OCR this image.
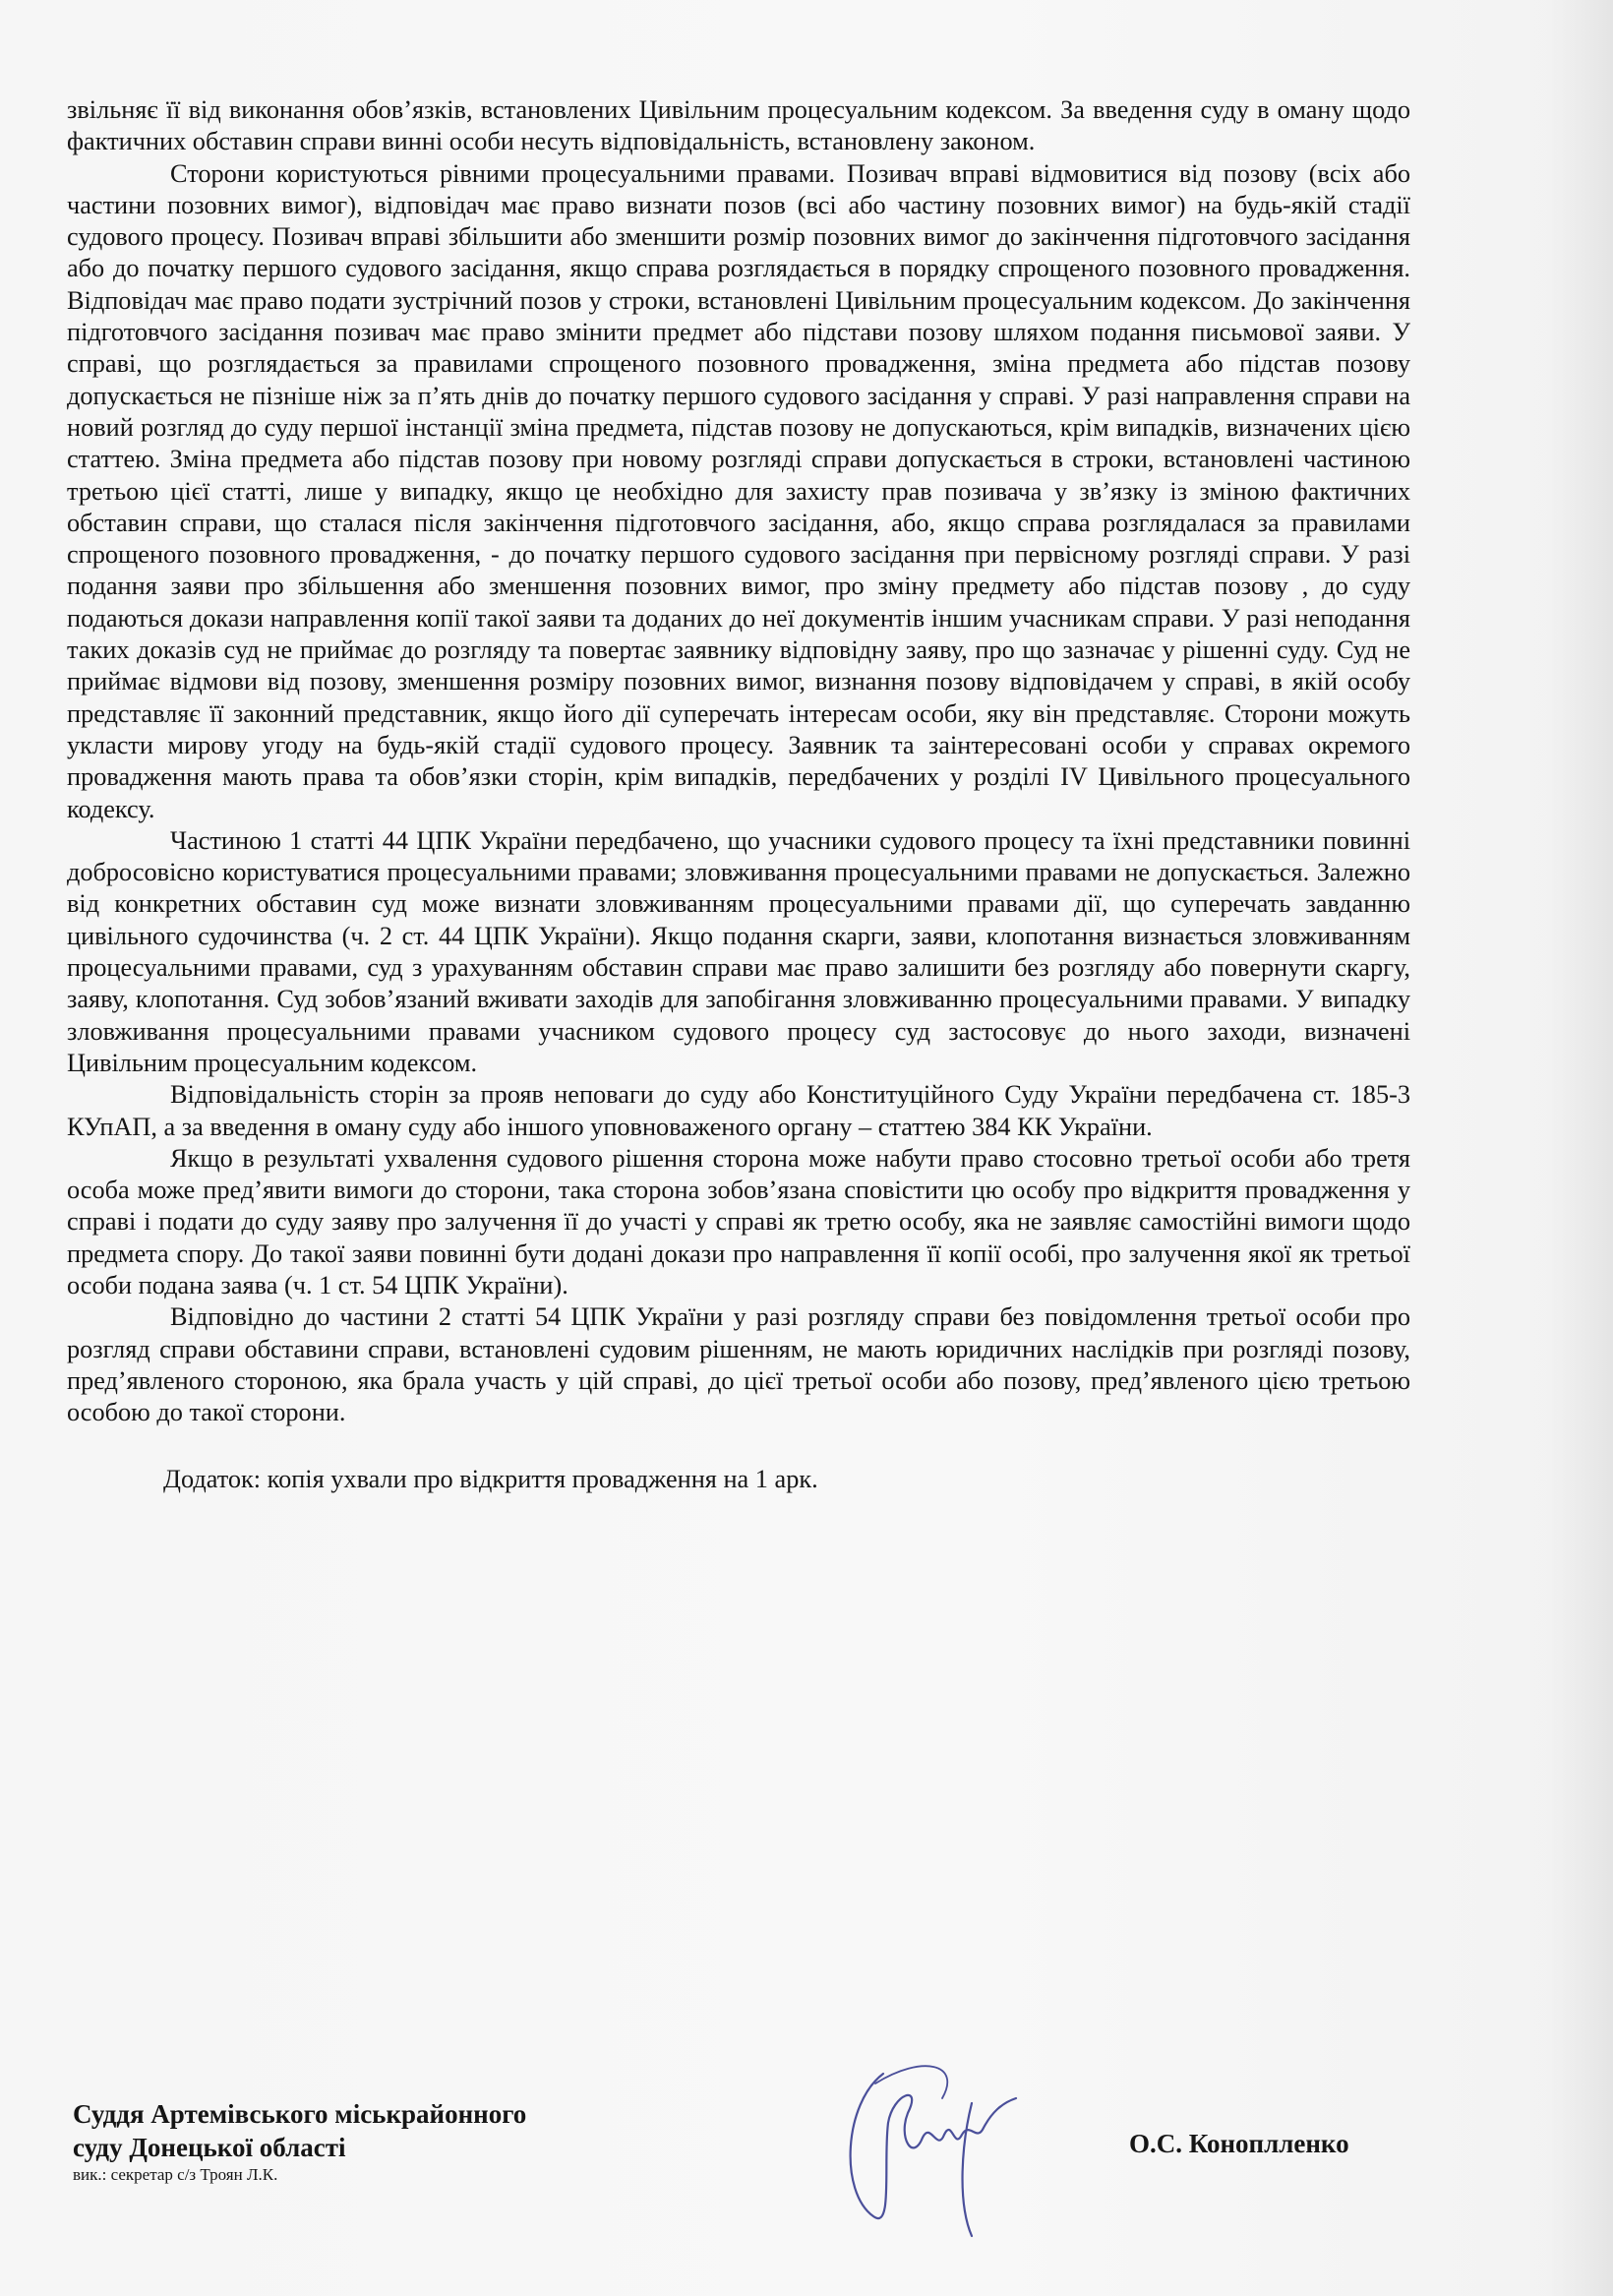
звільняє її від виконання обов’язків, встановлених Цивільним процесуальним кодексом. За введення суду в оману щодо фактичних обставин справи винні особи несуть відповідальність, встановлену законом.

Сторони користуються рівними процесуальними правами. Позивач вправі відмовитися від позову (всіх або частини позовних вимог), відповідач має право визнати позов (всі або частину позовних вимог) на будь-якій стадії судового процесу. Позивач вправі збільшити або зменшити розмір позовних вимог до закінчення підготовчого засідання або до початку першого судового засідання, якщо справа розглядається в порядку спрощеного позовного провадження. Відповідач має право подати зустрічний позов у строки, встановлені Цивільним процесуальним кодексом. До закінчення підготовчого засідання позивач має право змінити предмет або підстави позову шляхом подання письмової заяви. У справі, що розглядається за правилами спрощеного позовного провадження, зміна предмета або підстав позову допускається не пізніше ніж за п’ять днів до початку першого судового засідання у справі. У разі направлення справи на новий розгляд до суду першої інстанції зміна предмета, підстав позову не допускаються, крім випадків, визначених цією статтею. Зміна предмета або підстав позову при новому розгляді справи допускається в строки, встановлені частиною третьою цієї статті, лише у випадку, якщо це необхідно для захисту прав позивача у зв’язку із зміною фактичних обставин справи, що сталася після закінчення підготовчого засідання, або, якщо справа розглядалася за правилами спрощеного позовного провадження, - до початку першого судового засідання при первісному розгляді справи. У разі подання заяви про збільшення або зменшення позовних вимог, про зміну предмету або підстав позову , до суду подаються докази направлення копії такої заяви та доданих до неї документів іншим учасникам справи. У разі неподання таких доказів суд не приймає до розгляду та повертає заявнику відповідну заяву, про що зазначає у рішенні суду. Суд не приймає відмови від позову, зменшення розміру позовних вимог, визнання позову відповідачем у справі, в якій особу представляє її законний представник, якщо його дії суперечать інтересам особи, яку він представляє. Сторони можуть укласти мирову угоду на будь-якій стадії судового процесу. Заявник та заінтересовані особи у справах окремого провадження мають права та обов’язки сторін, крім випадків, передбачених у розділі IV Цивільного процесуального кодексу.

Частиною 1 статті 44 ЦПК України передбачено, що учасники судового процесу та їхні представники повинні добросовісно користуватися процесуальними правами; зловживання процесуальними правами не допускається. Залежно від конкретних обставин суд може визнати зловживанням процесуальними правами дії, що суперечать завданню цивільного судочинства (ч. 2 ст. 44 ЦПК України). Якщо подання скарги, заяви, клопотання визнається зловживанням процесуальними правами, суд з урахуванням обставин справи має право залишити без розгляду або повернути скаргу, заяву, клопотання. Суд зобов’язаний вживати заходів для запобігання зловживанню процесуальними правами. У випадку зловживання процесуальними правами учасником судового процесу суд застосовує до нього заходи, визначені Цивільним процесуальним кодексом.

Відповідальність сторін за прояв неповаги до суду або Конституційного Суду України передбачена ст. 185-3 КУпАП, а за введення в оману суду або іншого уповноваженого органу – статтею 384 КК України.

Якщо в результаті ухвалення судового рішення сторона може набути право стосовно третьої особи або третя особа може пред’явити вимоги до сторони, така сторона зобов’язана сповістити цю особу про відкриття провадження у справі і подати до суду заяву про залучення її до участі у справі як третю особу, яка не заявляє самостійні вимоги щодо предмета спору. До такої заяви повинні бути додані докази про направлення її копії особі, про залучення якої як третьої особи подана заява (ч. 1 ст. 54 ЦПК України).

Відповідно до частини 2 статті 54 ЦПК України у разі розгляду справи без повідомлення третьої особи про розгляд справи обставини справи, встановлені судовим рішенням, не мають юридичних наслідків при розгляді позову, пред’явленого стороною, яка брала участь у цій справі, до цієї третьої особи або позову, пред’явленого цією третьою особою до такої сторони.

Додаток: копія ухвали про відкриття провадження на 1 арк.

Суддя Артемівського міськрайонного
суду Донецької області
вик.: секретар с/з Троян Л.К.
О.С. Коноплленко
